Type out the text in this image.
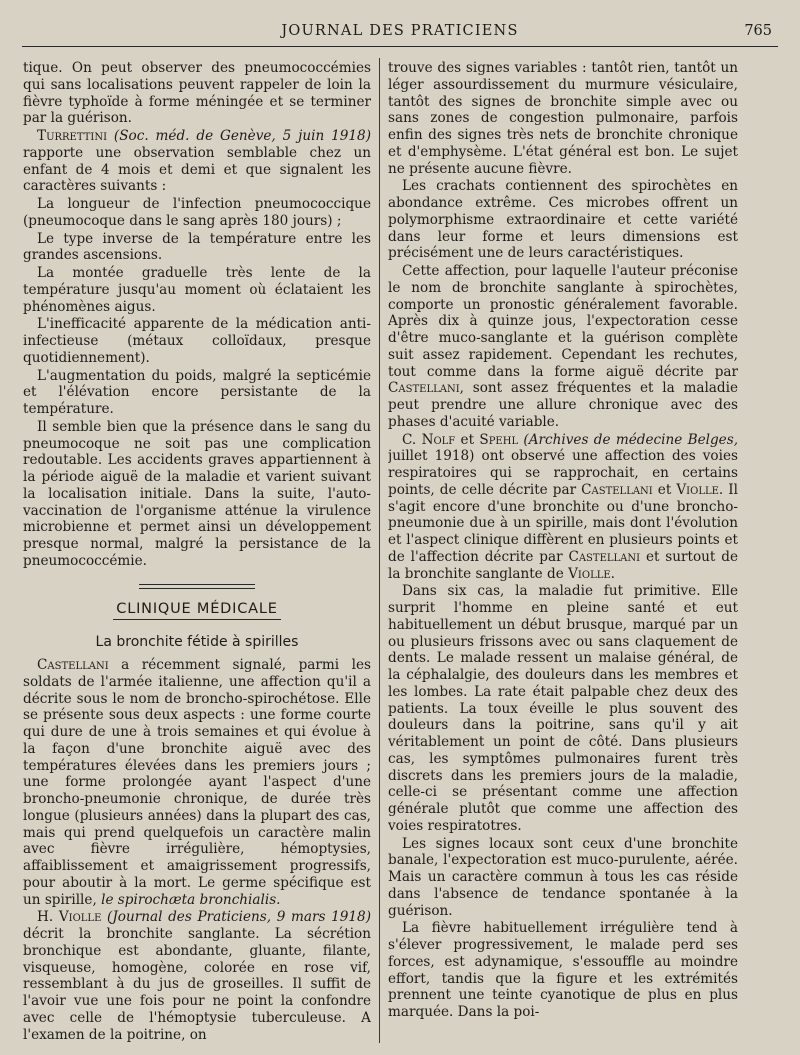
JOURNAL DES PRATICIENS	765

tique. On peut observer des pneumococcémies qui sans localisations peuvent rappeler de loin la fièvre typhoïde à forme méningée et se terminer par la guérison.

Turrettini (Soc. méd. de Genève, 5 juin 1918) rapporte une observation semblable chez un enfant de 4 mois et demi et que signalent les caractères suivants :

La longueur de l'infection pneumococcique (pneumocoque dans le sang après 180 jours) ;

Le type inverse de la température entre les grandes ascensions.

La montée graduelle très lente de la température jusqu'au moment où éclataient les phénomènes aigus.

L'inefficacité apparente de la médication anti-infectieuse (métaux colloïdaux, presque quotidiennement).

L'augmentation du poids, malgré la septicémie et l'élévation encore persistante de la température.

Il semble bien que la présence dans le sang du pneumocoque ne soit pas une complication redoutable. Les accidents graves appartiennent à la période aiguë de la maladie et varient suivant la localisation initiale. Dans la suite, l'auto-vaccination de l'organisme atténue la virulence microbienne et permet ainsi un développement presque normal, malgré la persistance de la pneumococcémie.

CLINIQUE MÉDICALE
La bronchite fétide à spirilles

Castellani a récemment signalé, parmi les soldats de l'armée italienne, une affection qu'il a décrite sous le nom de broncho-spirochétose. Elle se présente sous deux aspects : une forme courte qui dure de une à trois semaines et qui évolue à la façon d'une bronchite aiguë avec des températures élevées dans les premiers jours ; une forme prolongée ayant l'aspect d'une broncho-pneumonie chronique, de durée très longue (plusieurs années) dans la plupart des cas, mais qui prend quelquefois un caractère malin avec fièvre irrégulière, hémoptysies, affaiblissement et amaigrissement progressifs, pour aboutir à la mort. Le germe spécifique est un spirille, le spirochæta bronchialis.

H. Violle (Journal des Praticiens, 9 mars 1918) décrit la bronchite sanglante. La sécrétion bronchique est abondante, gluante, filante, visqueuse, homogène, colorée en rose vif, ressemblant à du jus de groseilles. Il suffit de l'avoir vue une fois pour ne point la confondre avec celle de l'hémoptysie tuberculeuse. A l'examen de la poitrine, on

trouve des signes variables : tantôt rien, tantôt un léger assourdissement du murmure vésiculaire, tantôt des signes de bronchite simple avec ou sans zones de congestion pulmonaire, parfois enfin des signes très nets de bronchite chronique et d'emphysème. L'état général est bon. Le sujet ne présente aucune fièvre.

Les crachats contiennent des spirochètes en abondance extrême. Ces microbes offrent un polymorphisme extraordinaire et cette variété dans leur forme et leurs dimensions est précisément une de leurs caractéristiques.

Cette affection, pour laquelle l'auteur préconise le nom de bronchite sanglante à spirochètes, comporte un pronostic généralement favorable. Après dix à quinze jous, l'expectoration cesse d'être muco-sanglante et la guérison complète suit assez rapidement. Cependant les rechutes, tout comme dans la forme aiguë décrite par Castellani, sont assez fréquentes et la maladie peut prendre une allure chronique avec des phases d'acuité variable.

C. Nolf et Spehl (Archives de médecine Belges, juillet 1918) ont observé une affection des voies respiratoires qui se rapprochait, en certains points, de celle décrite par Castellani et Violle. Il s'agit encore d'une bronchite ou d'une broncho-pneumonie due à un spirille, mais dont l'évolution et l'aspect clinique diffèrent en plusieurs points et de l'affection décrite par Castellani et surtout de la bronchite sanglante de Violle.

Dans six cas, la maladie fut primitive. Elle surprit l'homme en pleine santé et eut habituellement un début brusque, marqué par un ou plusieurs frissons avec ou sans claquement de dents. Le malade ressent un malaise général, de la céphalalgie, des douleurs dans les membres et les lombes. La rate était palpable chez deux des patients. La toux éveille le plus souvent des douleurs dans la poitrine, sans qu'il y ait véritablement un point de côté. Dans plusieurs cas, les symptômes pulmonaires furent très discrets dans les premiers jours de la maladie, celle-ci se présentant comme une affection générale plutôt que comme une affection des voies respiratotres.

Les signes locaux sont ceux d'une bronchite banale, l'expectoration est muco-purulente, aérée. Mais un caractère commun à tous les cas réside dans l'absence de tendance spontanée à la guérison.

La fièvre habituellement irrégulière tend à s'élever progressivement, le malade perd ses forces, est adynamique, s'essouffle au moindre effort, tandis que la figure et les extrémités prennent une teinte cyanotique de plus en plus marquée. Dans la poi-
